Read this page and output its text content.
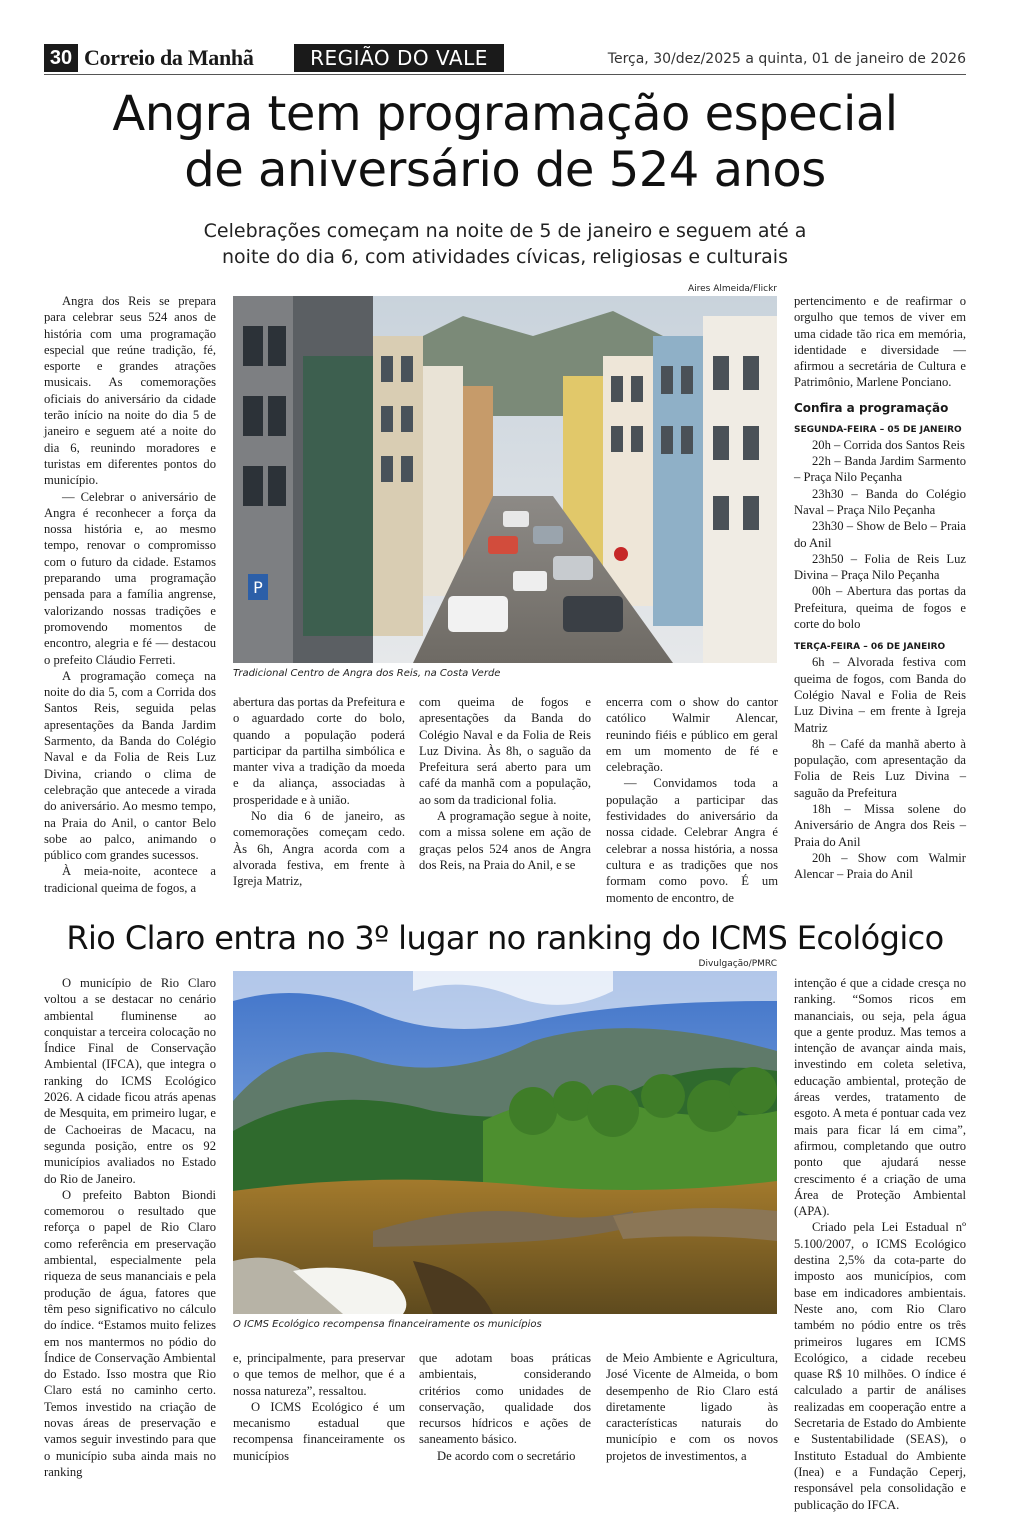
30 Correio da Manhã	REGIÃO DO VALE	Terça, 30/dez/2025 a quinta, 01 de janeiro de 2026
Angra tem programação especial
de aniversário de 524 anos
Celebrações começam na noite de 5 de janeiro e seguem até a
noite do dia 6, com atividades cívicas, religiosas e culturais

Angra dos Reis se prepara para celebrar seus 524 anos de história com uma programação especial que reúne tradição, fé, esporte e grandes atrações musicais. As comemorações oficiais do aniversário da cidade terão início na noite do dia 5 de janeiro e seguem até a noite do dia 6, reunindo moradores e turistas em diferentes pontos do município.

— Celebrar o aniversário de Angra é reconhecer a força da nossa história e, ao mesmo tempo, renovar o compromisso com o futuro da cidade. Estamos preparando uma programação pensada para a família angrense, valorizando nossas tradições e promovendo momentos de encontro, alegria e fé — destacou o prefeito Cláudio Ferreti.

A programação começa na noite do dia 5, com a Corrida dos Santos Reis, seguida pelas apresentações da Banda Jardim Sarmento, da Banda do Colégio Naval e da Folia de Reis Luz Divina, criando o clima de celebração que antecede a virada do aniversário. Ao mesmo tempo, na Praia do Anil, o cantor Belo sobe ao palco, animando o público com grandes sucessos.

À meia-noite, acontece a tradicional queima de fogos, a

Aires Almeida/Flickr
P
Tradicional Centro de Angra dos Reis, na Costa Verde

abertura das portas da Prefeitura e o aguardado corte do bolo, quando a população poderá participar da partilha simbólica e manter viva a tradição da moeda e da aliança, associadas à prosperidade e à união.

No dia 6 de janeiro, as comemorações começam cedo. Às 6h, Angra acorda com a alvorada festiva, em frente à Igreja Matriz,

com queima de fogos e apresentações da Banda do Colégio Naval e da Folia de Reis Luz Divina. Às 8h, o saguão da Prefeitura será aberto para um café da manhã com a população, ao som da tradicional folia.

A programação segue à noite, com a missa solene em ação de graças pelos 524 anos de Angra dos Reis, na Praia do Anil, e se

encerra com o show do cantor católico Walmir Alencar, reunindo fiéis e público em geral em um momento de fé e celebração.

— Convidamos toda a população a participar das festividades do aniversário da nossa cidade. Celebrar Angra é celebrar a nossa história, a nossa cultura e as tradições que nos formam como povo. É um momento de encontro, de

pertencimento e de reafirmar o orgulho que temos de viver em uma cidade tão rica em memória, identidade e diversidade — afirmou a secretária de Cultura e Patrimônio, Marlene Ponciano.

Confira a programação
SEGUNDA-FEIRA – 05 DE JANEIRO

20h – Corrida dos Santos Reis

22h – Banda Jardim Sarmento – Praça Nilo Peçanha

23h30 – Banda do Colégio Naval – Praça Nilo Peçanha

23h30 – Show de Belo – Praia do Anil

23h50 – Folia de Reis Luz Divina – Praça Nilo Peçanha

00h – Abertura das portas da Prefeitura, queima de fogos e corte do bolo

TERÇA-FEIRA – 06 DE JANEIRO

6h – Alvorada festiva com queima de fogos, com Banda do Colégio Naval e Folia de Reis Luz Divina – em frente à Igreja Matriz

8h – Café da manhã aberto à população, com apresentação da Folia de Reis Luz Divina – saguão da Prefeitura

18h – Missa solene do Aniversário de Angra dos Reis – Praia do Anil

20h – Show com Walmir Alencar – Praia do Anil

Rio Claro entra no 3º lugar no ranking do ICMS Ecológico

O município de Rio Claro voltou a se destacar no cenário ambiental fluminense ao conquistar a terceira colocação no Índice Final de Conservação Ambiental (IFCA), que integra o ranking do ICMS Ecológico 2026. A cidade ficou atrás apenas de Mesquita, em primeiro lugar, e de Cachoeiras de Macacu, na segunda posição, entre os 92 municípios avaliados no Estado do Rio de Janeiro.

O prefeito Babton Biondi comemorou o resultado que reforça o papel de Rio Claro como referência em preservação ambiental, especialmente pela riqueza de seus mananciais e pela produção de água, fatores que têm peso significativo no cálculo do índice. “Estamos muito felizes em nos mantermos no pódio do Índice de Conservação Ambiental do Estado. Isso mostra que Rio Claro está no caminho certo. Temos investido na criação de novas áreas de preservação e vamos seguir investindo para que o município suba ainda mais no ranking

Divulgação/PMRC
O ICMS Ecológico recompensa financeiramente os municípios

e, principalmente, para preservar o que temos de melhor, que é a nossa natureza”, ressaltou.

O ICMS Ecológico é um mecanismo estadual que recompensa financeiramente os municípios

que adotam boas práticas ambientais, considerando critérios como unidades de conservação, qualidade dos recursos hídricos e ações de saneamento básico.

De acordo com o secretário

de Meio Ambiente e Agricultura, José Vicente de Almeida, o bom desempenho de Rio Claro está diretamente ligado às características naturais do município e com os novos projetos de investimentos, a

intenção é que a cidade cresça no ranking. “Somos ricos em mananciais, ou seja, pela água que a gente produz. Mas temos a intenção de avançar ainda mais, investindo em coleta seletiva, educação ambiental, proteção de áreas verdes, tratamento de esgoto. A meta é pontuar cada vez mais para ficar lá em cima”, afirmou, completando que outro ponto que ajudará nesse crescimento é a criação de uma Área de Proteção Ambiental (APA).

Criado pela Lei Estadual nº 5.100/2007, o ICMS Ecológico destina 2,5% da cota-parte do imposto aos municípios, com base em indicadores ambientais. Neste ano, com Rio Claro também no pódio entre os três primeiros lugares em ICMS Ecológico, a cidade recebeu quase R$ 10 milhões. O índice é calculado a partir de análises realizadas em cooperação entre a Secretaria de Estado do Ambiente e Sustentabilidade (SEAS), o Instituto Estadual do Ambiente (Inea) e a Fundação Ceperj, responsável pela consolidação e publicação do IFCA.
